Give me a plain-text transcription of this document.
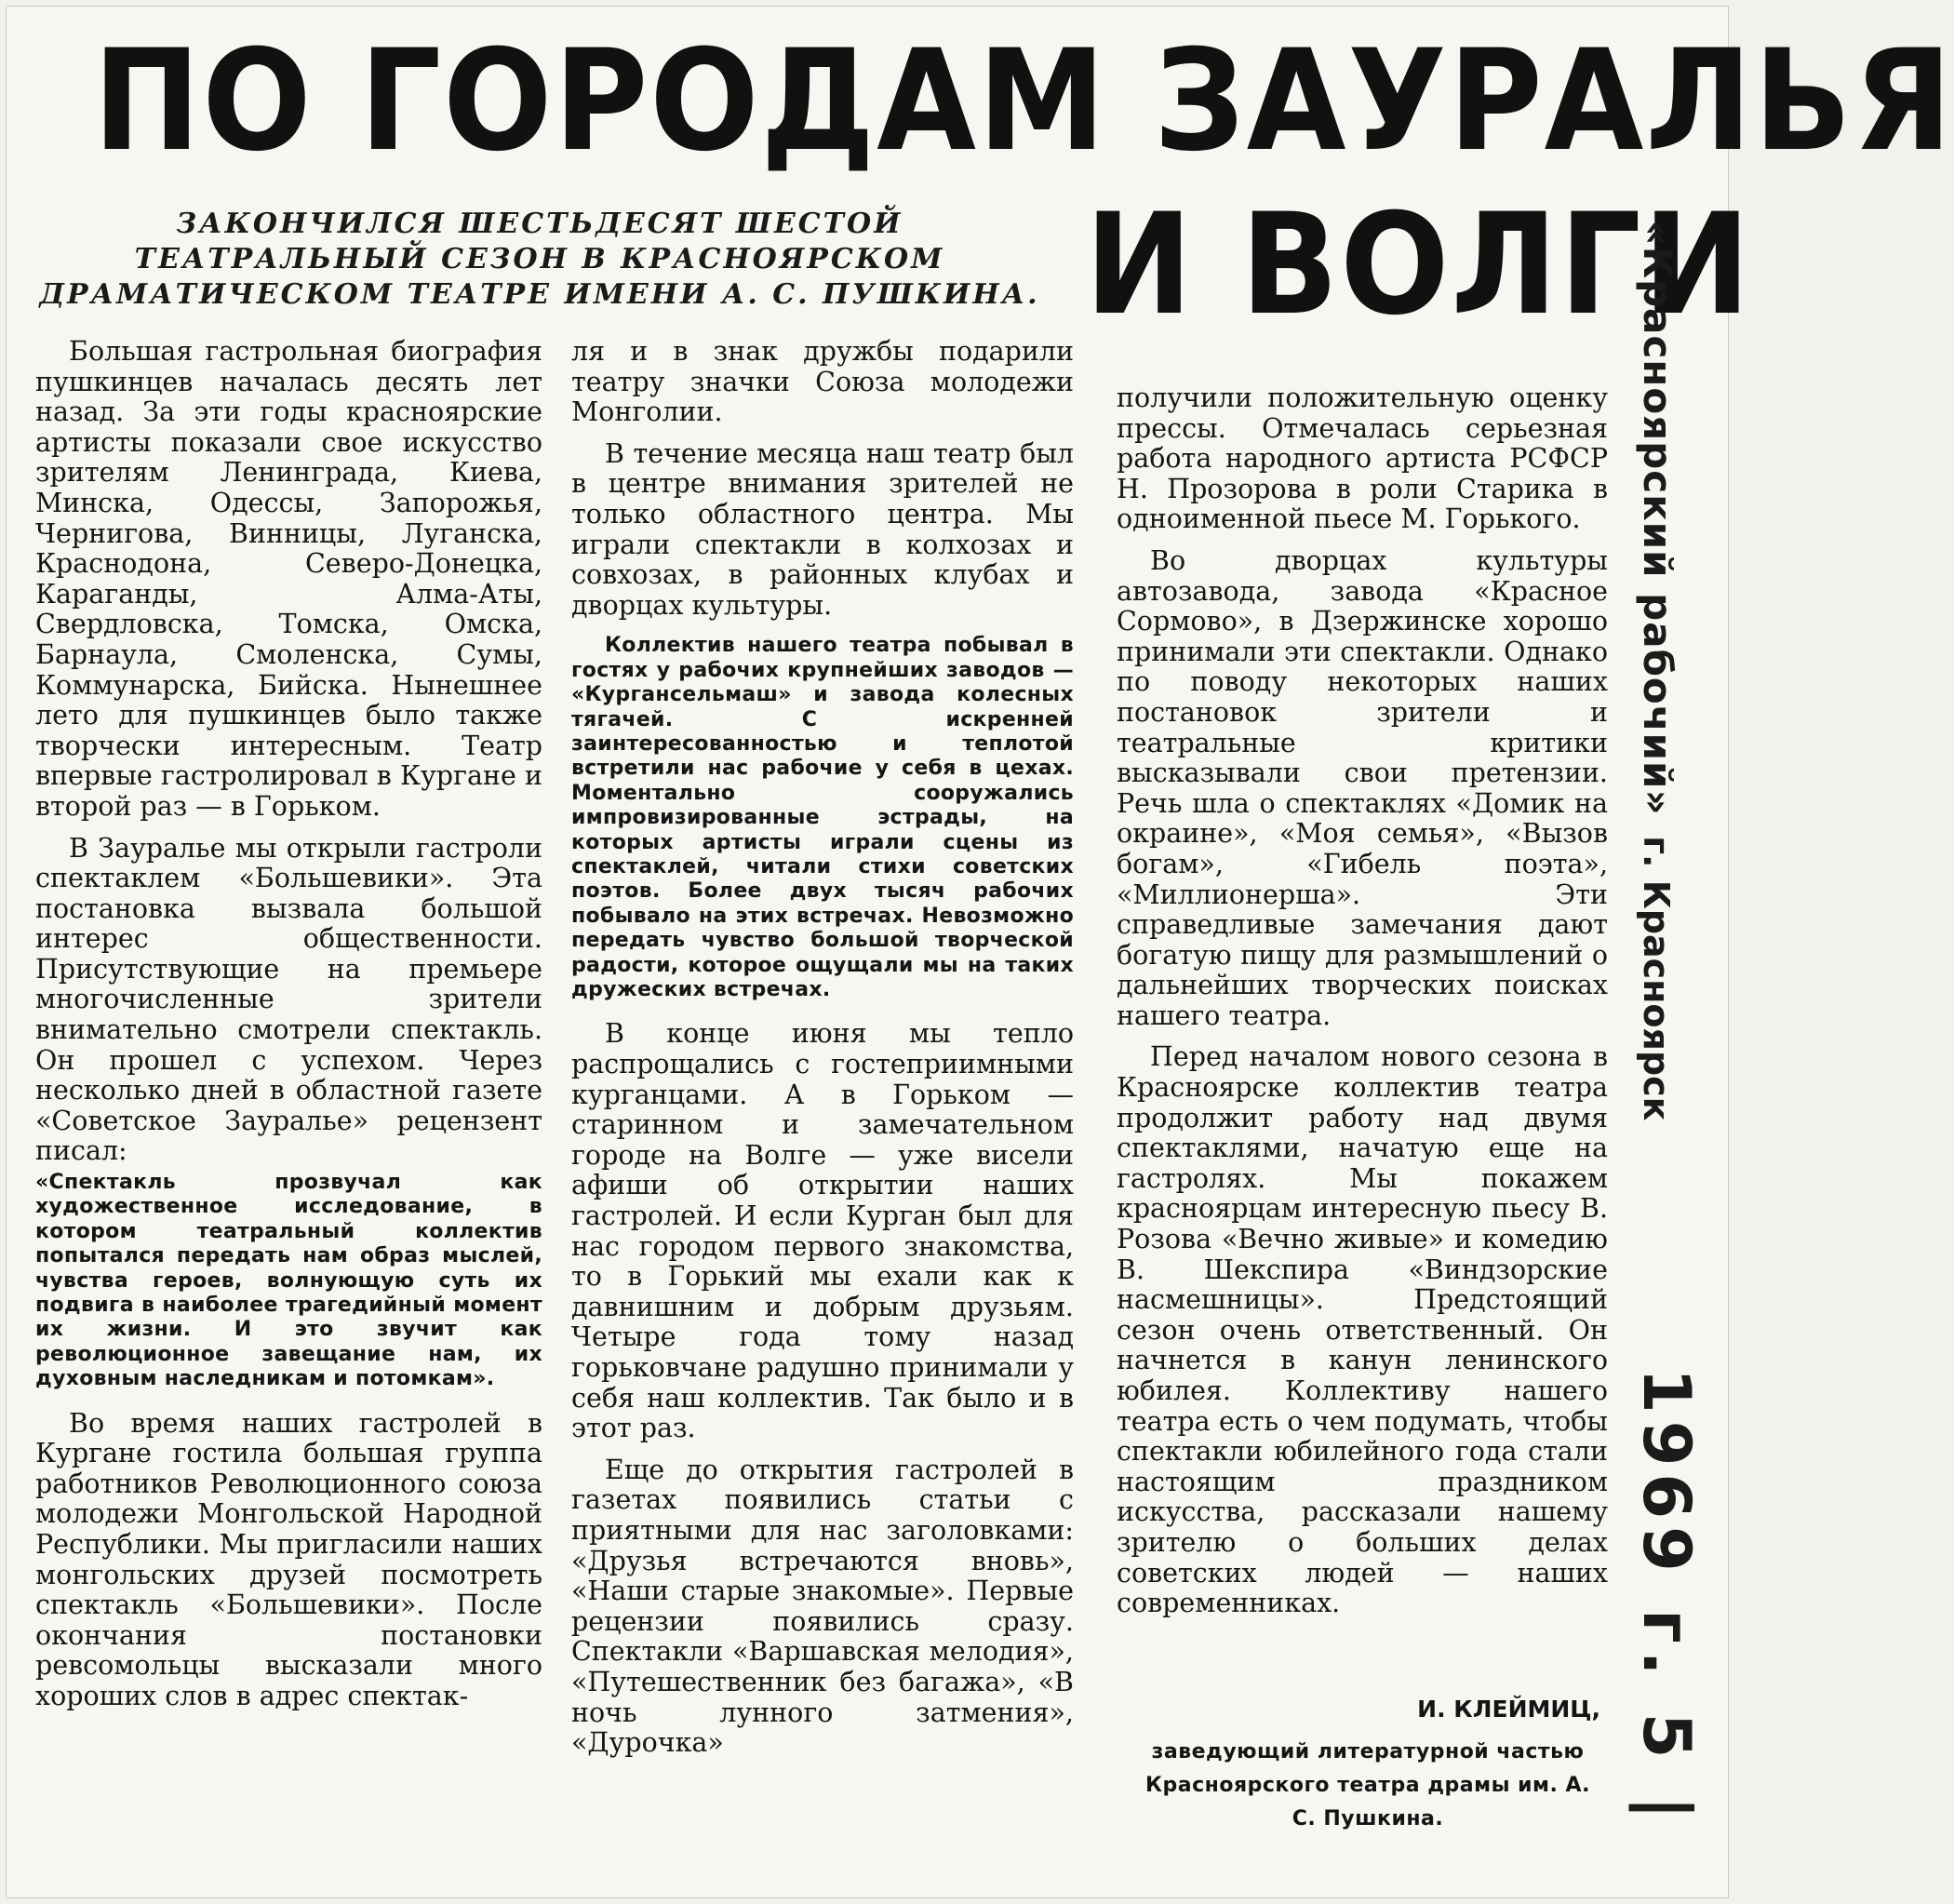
ПО ГОРОДАМ ЗАУРАЛЬЯ
И ВОЛГИ
ЗАКОНЧИЛСЯ ШЕСТЬДЕСЯТ ШЕСТОЙ ТЕАТРАЛЬНЫЙ СЕЗОН В КРАСНОЯРСКОМ ДРАМАТИЧЕСКОМ ТЕАТРЕ ИМЕНИ А. С. ПУШКИНА.

Большая гастрольная биография пушкинцев началась десять лет назад. За эти годы красноярские артисты показали свое искусство зрителям Ленинграда, Киева, Минска, Одессы, Запорожья, Чернигова, Винницы, Луганска, Краснодона, Северо-Донецка, Караганды, Алма-Аты, Свердловска, Томска, Омска, Барнаула, Смоленска, Сумы, Коммунарска, Бийска. Нынешнее лето для пушкинцев было также творчески интересным. Театр впервые гастролировал в Кургане и второй раз — в Горьком.

В Зауралье мы открыли гастроли спектаклем «Большевики». Эта постановка вызвала большой интерес общественности. Присутствующие на премьере многочисленные зрители внимательно смотрели спектакль. Он прошел с успехом. Через несколько дней в областной газете «Советское Зауралье» рецензент писал:

«Спектакль прозвучал как художественное исследование, в котором театральный коллектив попытался передать нам образ мыслей, чувства героев, волнующую суть их подвига в наиболее трагедийный момент их жизни. И это звучит как революционное завещание нам, их духовным наследникам и потомкам».

Во время наших гастролей в Кургане гостила большая группа работников Революционного союза молодежи Монгольской Народной Республики. Мы пригласили наших монгольских друзей посмотреть спектакль «Большевики». После окончания постановки ревсомольцы высказали много хороших слов в адрес спектак-

ля и в знак дружбы подарили театру значки Союза молодежи Монголии.

В течение месяца наш театр был в центре внимания зрителей не только областного центра. Мы играли спектакли в колхозах и совхозах, в районных клубах и дворцах культуры.

Коллектив нашего театра побывал в гостях у рабочих крупнейших заводов — «Кургансельмаш» и завода колесных тягачей. С искренней заинтересованностью и теплотой встретили нас рабочие у себя в цехах. Моментально сооружались импровизированные эстрады, на которых артисты играли сцены из спектаклей, читали стихи советских поэтов. Более двух тысяч рабочих побывало на этих встречах. Невозможно передать чувство большой творческой радости, которое ощущали мы на таких дружеских встречах.

В конце июня мы тепло распрощались с гостеприимными курганцами. А в Горьком — старинном и замечательном городе на Волге — уже висели афиши об открытии наших гастролей. И если Курган был для нас городом первого знакомства, то в Горький мы ехали как к давнишним и добрым друзьям. Четыре года тому назад горьковчане радушно принимали у себя наш коллектив. Так было и в этот раз.

Еще до открытия гастролей в газетах появились статьи с приятными для нас заголовками: «Друзья встречаются вновь», «Наши старые знакомые». Первые рецензии появились сразу. Спектакли «Варшавская мелодия», «Путешественник без багажа», «В ночь лунного затмения», «Дурочка»

получили положительную оценку прессы. Отмечалась серьезная работа народного артиста РСФСР Н. Прозорова в роли Старика в одноименной пьесе М. Горького.

Во дворцах культуры автозавода, завода «Красное Сормово», в Дзержинске хорошо принимали эти спектакли. Однако по поводу некоторых наших постановок зрители и театральные критики высказывали свои претензии. Речь шла о спектаклях «Домик на окраине», «Моя семья», «Вызов богам», «Гибель поэта», «Миллионерша». Эти справедливые замечания дают богатую пищу для размышлений о дальнейших творческих поисках нашего театра.

Перед началом нового сезона в Красноярске коллектив театра продолжит работу над двумя спектаклями, начатую еще на гастролях. Мы покажем красноярцам интересную пьесу В. Розова «Вечно живые» и комедию В. Шекспира «Виндзорские насмешницы». Предстоящий сезон очень ответственный. Он начнется в канун ленинского юбилея. Коллективу нашего театра есть о чем подумать, чтобы спектакли юбилейного года стали настоящим праздником искусства, рассказали нашему зрителю о больших делах советских людей — наших современниках.

И. КЛЕЙМИЦ,
заведующий литературной частью Красноярского театра драмы им. А. С. Пушкина.
«Красноярский рабочий» г. Красноярск 1969 г. 5 |
